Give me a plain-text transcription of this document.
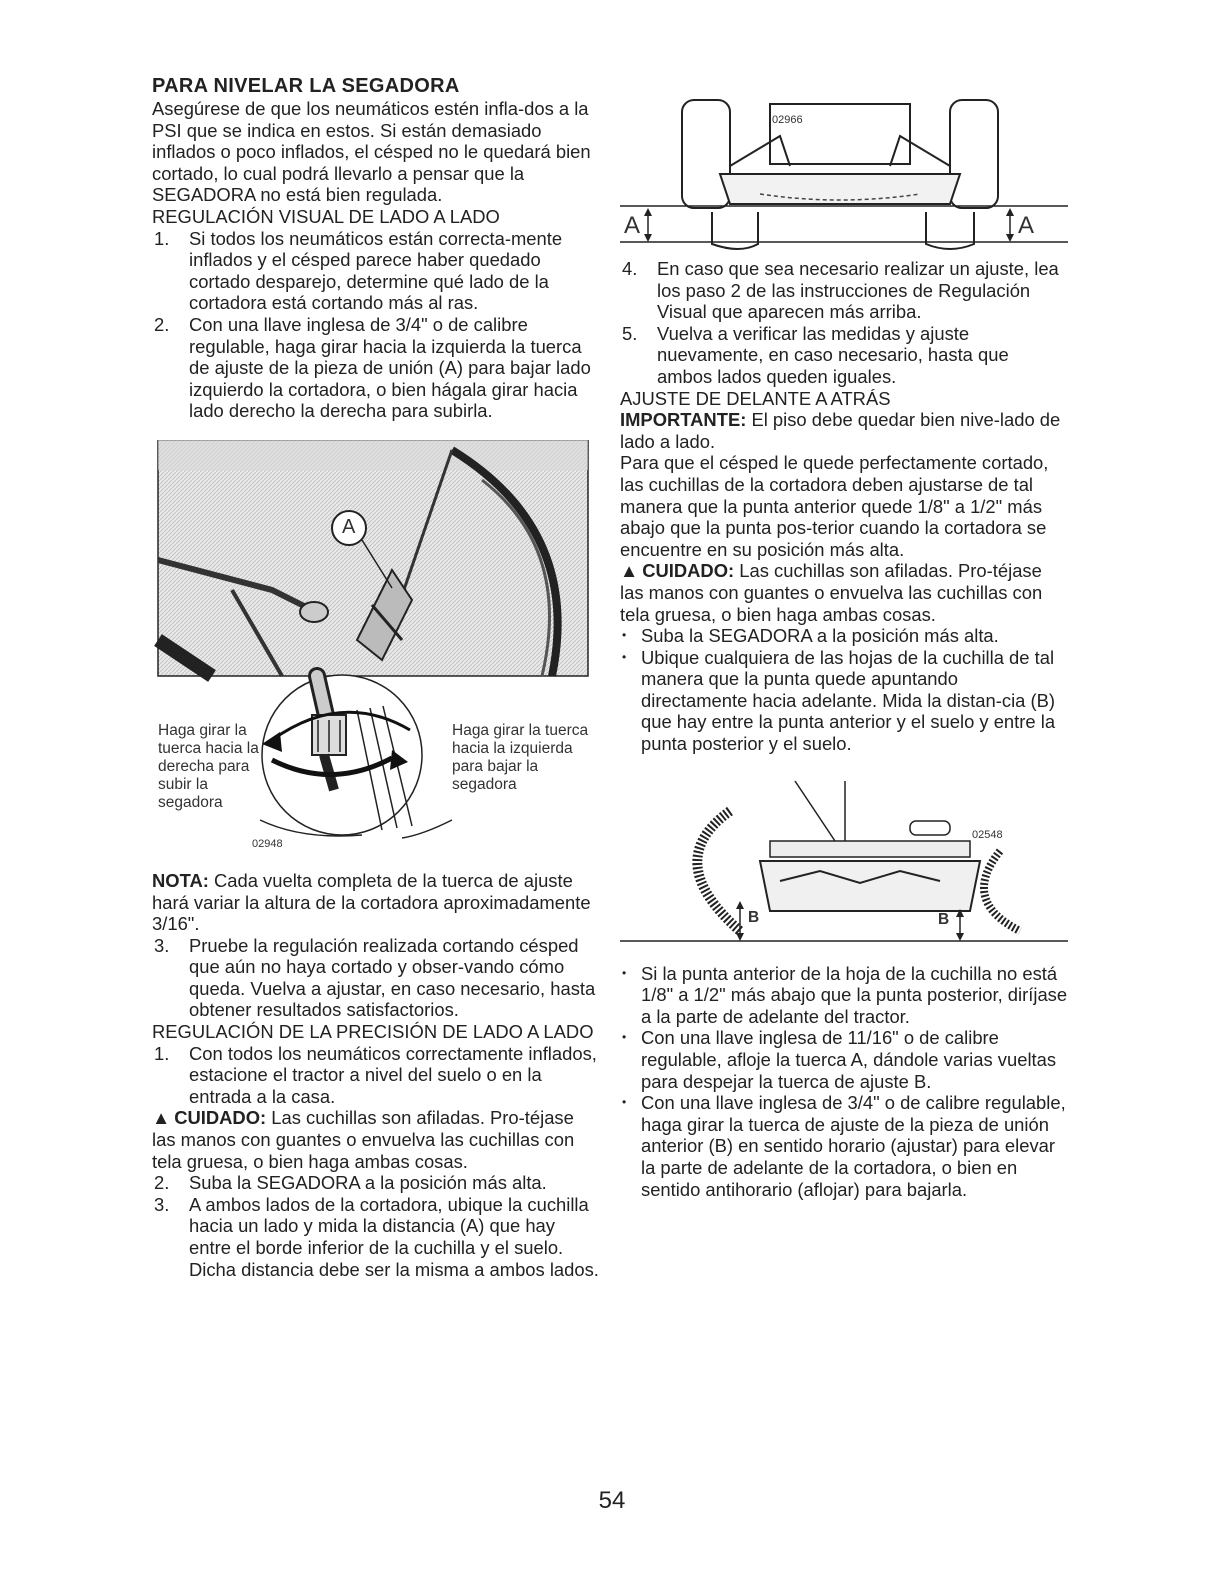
PARA NIVELAR LA SEGADORA

Asegúrese de que los neumáticos estén infla-dos a la PSI que se indica en estos. Si están demasiado inflados o poco inflados, el césped no le quedará bien cortado, lo cual podrá llevarlo a pensar que la SEGADORA no está bien regulada.

REGULACIÓN VISUAL DE LADO A LADO

1. Si todos los neumáticos están correcta-mente inflados y el césped parece haber quedado cortado desparejo, determine qué lado de la cortadora está cortando más al ras.
2. Con una llave inglesa de 3/4" o de calibre regulable, haga girar hacia la izquierda la tuerca de ajuste de la pieza de unión (A) para bajar lado izquierdo la cortadora, o bien hágala girar hacia lado derecho la derecha para subirla.
A
Haga girar la tuerca hacia la derecha para subir la segadora
Haga girar la tuerca hacia la izquierda para bajar la segadora
02948

NOTA: Cada vuelta completa de la tuerca de ajuste hará variar la altura de la cortadora aproximadamente 3/16".

3. Pruebe la regulación realizada cortando césped que aún no haya cortado y obser-vando cómo queda. Vuelva a ajustar, en caso necesario, hasta obtener resultados satisfactorios.

REGULACIÓN DE LA PRECISIÓN DE LADO A LADO

1. Con todos los neumáticos correctamente inflados, estacione el tractor a nivel del suelo o en la entrada a la casa.

▲ CUIDADO: Las cuchillas son afiladas. Pro-téjase las manos con guantes o envuelva las cuchillas con tela gruesa, o bien haga ambas cosas.

2. Suba la SEGADORA a la posición más alta.
3. A ambos lados de la cortadora, ubique la cuchilla hacia un lado y mida la distancia (A) que hay entre el borde inferior de la cuchilla y el suelo. Dicha distancia debe ser la misma a ambos lados.
A	A
02966
4. En caso que sea necesario realizar un ajuste, lea los paso 2 de las instrucciones de Regulación Visual que aparecen más arriba.
5. Vuelva a verificar las medidas y ajuste nuevamente, en caso necesario, hasta que ambos lados queden iguales.

AJUSTE DE DELANTE A ATRÁS

IMPORTANTE: El piso debe quedar bien nive-lado de lado a lado.

Para que el césped le quede perfectamente cortado, las cuchillas de la cortadora deben ajustarse de tal manera que la punta anterior quede 1/8" a 1/2" más abajo que la punta pos-terior cuando la cortadora se encuentre en su posición más alta.

▲ CUIDADO: Las cuchillas son afiladas. Pro-téjase las manos con guantes o envuelva las cuchillas con tela gruesa, o bien haga ambas cosas.

• Suba la SEGADORA a la posición más alta.
• Ubique cualquiera de las hojas de la cuchilla de tal manera que la punta quede apuntando directamente hacia adelante. Mida la distan-cia (B) que hay entre la punta anterior y el suelo y entre la punta posterior y el suelo.
B	B
02548
• Si la punta anterior de la hoja de la cuchilla no está 1/8" a 1/2" más abajo que la punta posterior, diríjase a la parte de adelante del tractor.
• Con una llave inglesa de 11/16" o de calibre regulable, afloje la tuerca A, dándole varias vueltas para despejar la tuerca de ajuste B.
• Con una llave inglesa de 3/4" o de calibre regulable, haga girar la tuerca de ajuste de la pieza de unión anterior (B) en sentido horario (ajustar) para elevar la parte de adelante de la cortadora, o bien en sentido antihorario (aflojar) para bajarla.
54
